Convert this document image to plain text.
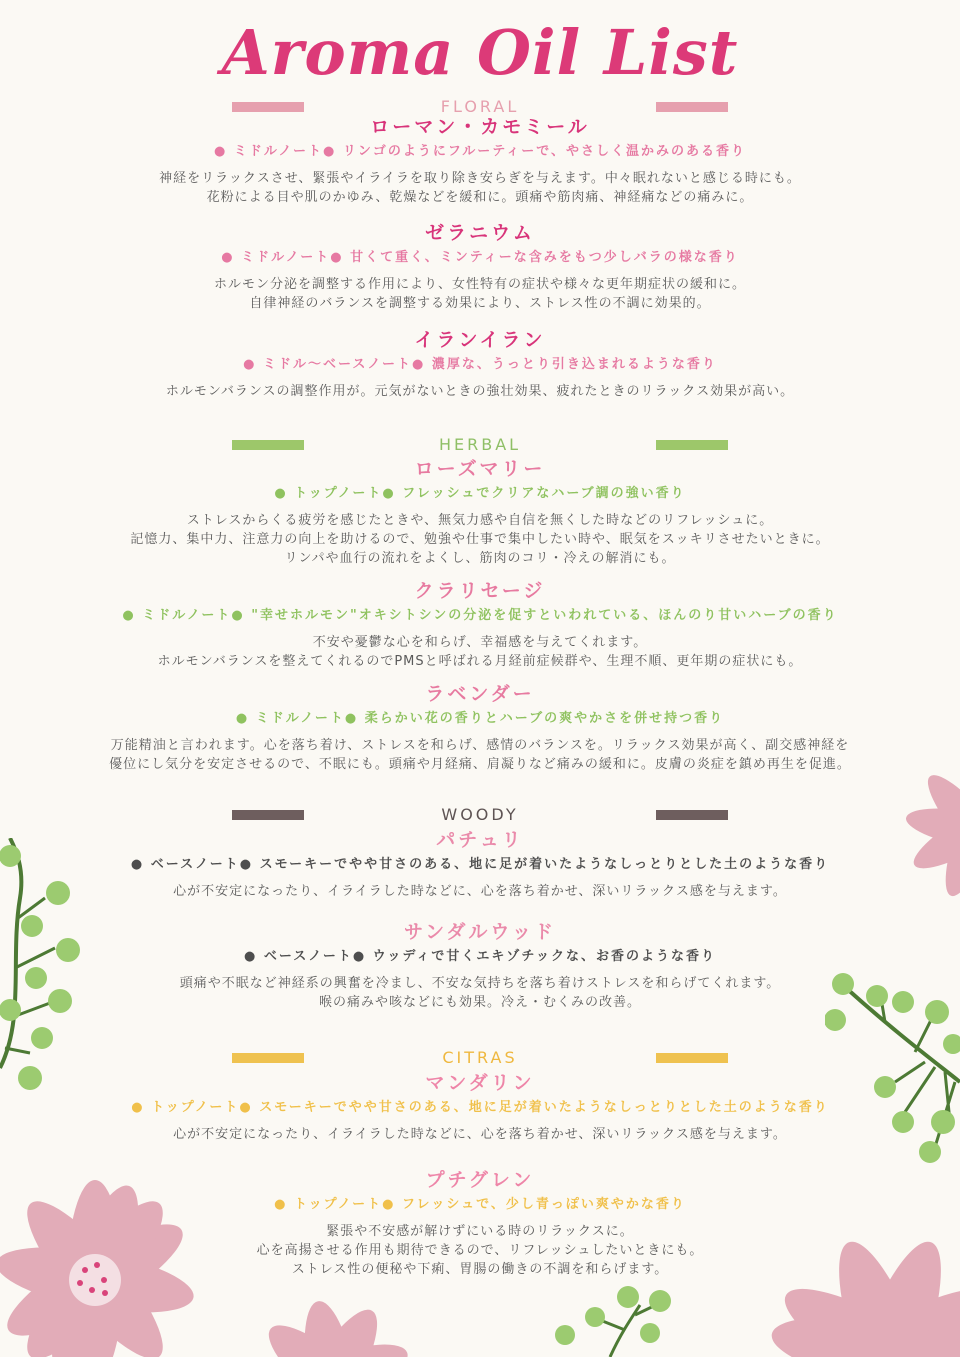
Aroma Oil List
FLORAL
ローマン・カモミール
● ミドルノート● リンゴのようにフルーティーで、やさしく温かみのある香り
神経をリラックスさせ、緊張やイライラを取り除き安らぎを与えます。中々眠れないと感じる時にも。
花粉による目や肌のかゆみ、乾燥などを緩和に。頭痛や筋肉痛、神経痛などの痛みに。
ゼラニウム
● ミドルノート● 甘くて重く、ミンティーな含みをもつ少しバラの様な香り
ホルモン分泌を調整する作用により、女性特有の症状や様々な更年期症状の緩和に。
自律神経のバランスを調整する効果により、ストレス性の不調に効果的。
イランイラン
● ミドル～ベースノート● 濃厚な、うっとり引き込まれるような香り
ホルモンバランスの調整作用が。元気がないときの強壮効果、疲れたときのリラックス効果が高い。
HERBAL
ローズマリー
● トップノート● フレッシュでクリアなハーブ調の強い香り
ストレスからくる疲労を感じたときや、無気力感や自信を無くした時などのリフレッシュに。
記憶力、集中力、注意力の向上を助けるので、勉強や仕事で集中したい時や、眠気をスッキリさせたいときに。
リンパや血行の流れをよくし、筋肉のコリ・冷えの解消にも。
クラリセージ
● ミドルノート● "幸せホルモン"オキシトシンの分泌を促すといわれている、ほんのり甘いハーブの香り
不安や憂鬱な心を和らげ、幸福感を与えてくれます。
ホルモンバランスを整えてくれるのでPMSと呼ばれる月経前症候群や、生理不順、更年期の症状にも。
ラベンダー
● ミドルノート● 柔らかい花の香りとハーブの爽やかさを併せ持つ香り
万能精油と言われます。心を落ち着け、ストレスを和らげ、感情のバランスを。リラックス効果が高く、副交感神経を
優位にし気分を安定させるので、不眠にも。頭痛や月経痛、肩凝りなど痛みの緩和に。皮膚の炎症を鎮め再生を促進。
WOODY
パチュリ
● ベースノート● スモーキーでやや甘さのある、地に足が着いたようなしっとりとした土のような香り
心が不安定になったり、イライラした時などに、心を落ち着かせ、深いリラックス感を与えます。
サンダルウッド
● ベースノート● ウッディで甘くエキゾチックな、お香のような香り
頭痛や不眠など神経系の興奮を冷まし、不安な気持ちを落ち着けストレスを和らげてくれます。
喉の痛みや咳などにも効果。冷え・むくみの改善。
CITRAS
マンダリン
● トップノート● スモーキーでやや甘さのある、地に足が着いたようなしっとりとした土のような香り
心が不安定になったり、イライラした時などに、心を落ち着かせ、深いリラックス感を与えます。
プチグレン
● トップノート● フレッシュで、少し青っぽい爽やかな香り
緊張や不安感が解けずにいる時のリラックスに。
心を高揚させる作用も期待できるので、リフレッシュしたいときにも。
ストレス性の便秘や下痢、胃腸の働きの不調を和らげます。
